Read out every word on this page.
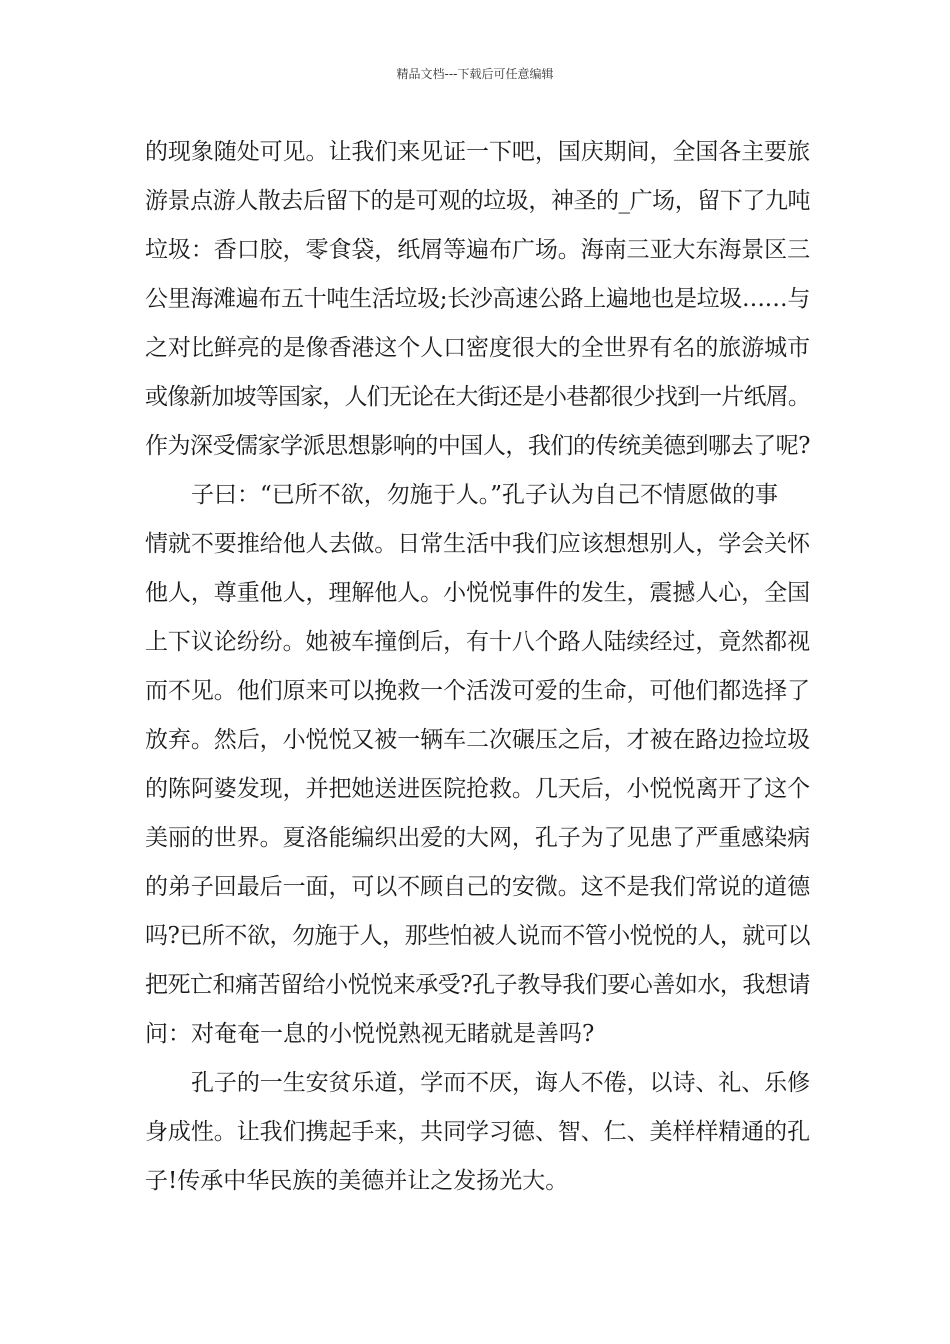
精品文档---下载后可任意编辑
的现象随处可见。让我们来见证一下吧，国庆期间，全国各主要旅
游景点游人散去后留下的是可观的垃圾，神圣的_广场，留下了九吨
垃圾：香口胶，零食袋，纸屑等遍布广场。海南三亚大东海景区三
公里海滩遍布五十吨生活垃圾;长沙高速公路上遍地也是垃圾……与
之对比鲜亮的是像香港这个人口密度很大的全世界有名的旅游城市
或像新加坡等国家，人们无论在大街还是小巷都很少找到一片纸屑。
作为深受儒家学派思想影响的中国人，我们的传统美德到哪去了呢?
子曰：“已所不欲，勿施于人。”孔子认为自己不情愿做的事
情就不要推给他人去做。日常生活中我们应该想想别人，学会关怀
他人，尊重他人，理解他人。小悦悦事件的发生，震撼人心，全国
上下议论纷纷。她被车撞倒后，有十八个路人陆续经过，竟然都视
而不见。他们原来可以挽救一个活泼可爱的生命，可他们都选择了
放弃。然后，小悦悦又被一辆车二次碾压之后，才被在路边捡垃圾
的陈阿婆发现，并把她送进医院抢救。几天后，小悦悦离开了这个
美丽的世界。夏洛能编织出爱的大网，孔子为了见患了严重感染病
的弟子回最后一面，可以不顾自己的安微。这不是我们常说的道德
吗?已所不欲，勿施于人，那些怕被人说而不管小悦悦的人，就可以
把死亡和痛苦留给小悦悦来承受?孔子教导我们要心善如水，我想请
问：对奄奄一息的小悦悦熟视无睹就是善吗?
孔子的一生安贫乐道，学而不厌，诲人不倦，以诗、礼、乐修
身成性。让我们携起手来，共同学习德、智、仁、美样样精通的孔
子!传承中华民族的美德并让之发扬光大。
